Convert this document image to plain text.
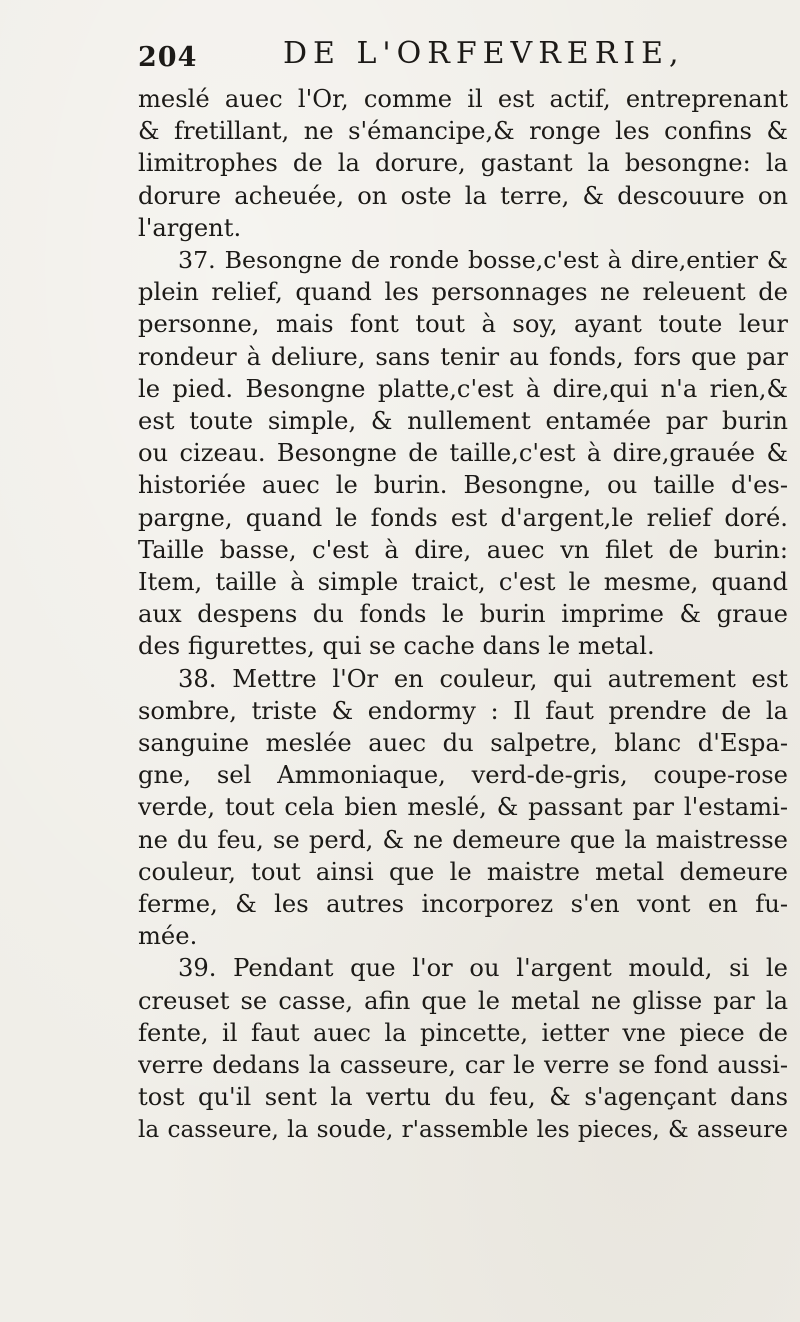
204	DE L'ORFEVRERIE,
meslé auec l'Or, comme il est actif, entreprenant
& fretillant, ne s'émancipe,& ronge les confins &
limitrophes de la dorure, gastant la besongne: la
dorure acheuée, on oste la terre, & descouure on
l'argent.
37. Besongne de ronde bosse,c'est à dire,entier &
plein relief, quand les personnages ne releuent de
personne, mais font tout à soy, ayant toute leur
rondeur à deliure, sans tenir au fonds, fors que par
le pied. Besongne platte,c'est à dire,qui n'a rien,&
est toute simple, & nullement entamée par burin
ou cizeau. Besongne de taille,c'est à dire,grauée &
historiée auec le burin. Besongne, ou taille d'es-
pargne, quand le fonds est d'argent,le relief doré.
Taille basse, c'est à dire, auec vn filet de burin:
Item, taille à simple traict, c'est le mesme, quand
aux despens du fonds le burin imprime & graue
des figurettes, qui se cache dans le metal.
38. Mettre l'Or en couleur, qui autrement est
sombre, triste & endormy : Il faut prendre de la
sanguine meslée auec du salpetre, blanc d'Espa-
gne, sel Ammoniaque, verd-de-gris, coupe-rose
verde, tout cela bien meslé, & passant par l'estami-
ne du feu, se perd, & ne demeure que la maistresse
couleur, tout ainsi que le maistre metal demeure
ferme, & les autres incorporez s'en vont en fu-
mée.
39. Pendant que l'or ou l'argent mould, si le
creuset se casse, afin que le metal ne glisse par la
fente, il faut auec la pincette, ietter vne piece de
verre dedans la casseure, car le verre se fond aussi-
tost qu'il sent la vertu du feu, & s'agençant dans
la casseure, la soude, r'assemble les pieces, & asseure
